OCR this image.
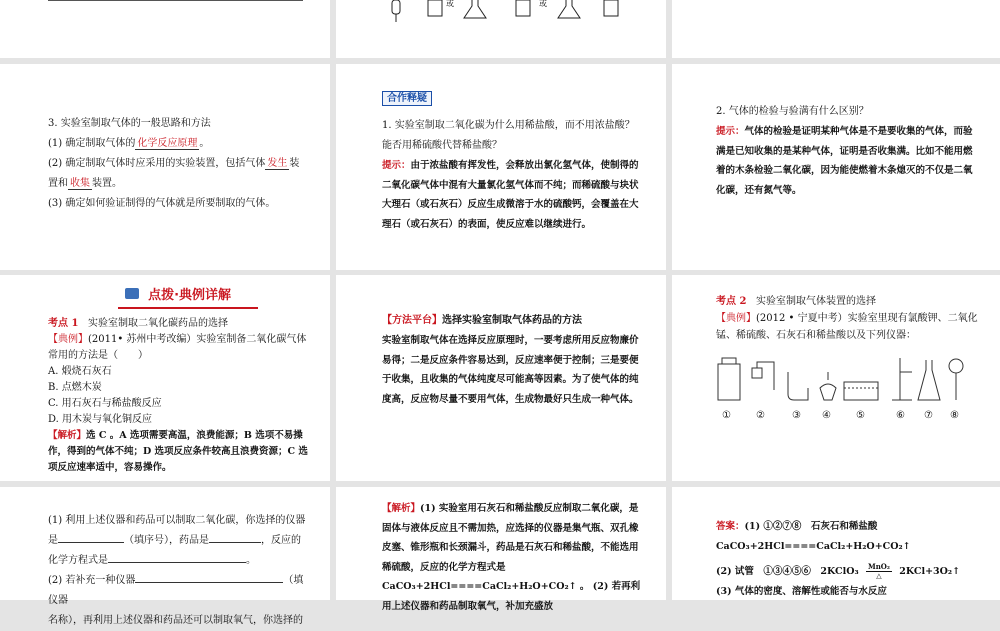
或	或

3. 实验室制取气体的一般思路和方法

(1) 确定制取气体的 化学反应原理 。

(2) 确定制取气体时应采用的实验装置，包括气体 发生 装

置和 收集 装置。

(3) 确定如何验证制得的气体就是所要制取的气体。

合作释疑

1. 实验室制取二氧化碳为什么用稀盐酸，而不用浓盐酸？能否用稀硫酸代替稀盐酸？

提示：由于浓盐酸有挥发性，会释放出氯化氢气体，使制得的二氧化碳气体中混有大量氯化氢气体而不纯；而稀硫酸与块状大理石（或石灰石）反应生成微溶于水的硫酸钙，会覆盖在大理石（或石灰石）的表面，使反应难以继续进行。

2. 气体的检验与验满有什么区别？

提示：气体的检验是证明某种气体是不是要收集的气体，而验满是已知收集的是某种气体，证明是否收集满。比如不能用燃着的木条检验二氧化碳，因为能使燃着木条熄灭的不仅是二氧化碳，还有氮气等。

点拨·典例详解

考点 1 实验室制取二氧化碳药品的选择

【典例】(2011• 苏州中考改编）实验室制备二氧化碳气体常用的方法是（　　）

A. 煅烧石灰石

B. 点燃木炭

C. 用石灰石与稀盐酸反应

D. 用木炭与氧化铜反应

【解析】选 C 。A 选项需要高温，浪费能源；B 选项不易操作，得到的气体不纯；D 选项反应条件较高且浪费资源；C 选项反应速率适中，容易操作。

【方法平台】选择实验室制取气体药品的方法

实验室制取气体在选择反应原理时，一要考虑所用反应物廉价易得；二是反应条件容易达到，反应速率便于控制；三是要便于收集，且收集的气体纯度尽可能高等因素。为了使气体的纯度高，反应物尽量不要用气体，生成物最好只生成一种气体。

考点 2 实验室制取气体装置的选择

【典例】(2012 • 宁夏中考）实验室里现有氯酸钾、二氧化锰、稀硫酸、石灰石和稀盐酸以及下列仪器：

①	②	③ ④	⑤	⑥ ⑦ ⑧

(1) 利用上述仪器和药品可以制取二氧化碳，你选择的仪器

是	（填序号），药品是	，反应的

化学方程式是	。

(2) 若补充一种仪器	（填仪器

名称），再利用上述仪器和药品还可以制取氧气，你选择的

【解析】(1) 实验室用石灰石和稀盐酸反应制取二氧化碳，是固体与液体反应且不需加热，应选择的仪器是集气瓶、双孔橡皮塞、锥形瓶和长颈漏斗，药品是石灰石和稀盐酸，不能选用稀硫酸，反应的化学方程式是 CaCO₃+2HCl====CaCl₂+H₂O+CO₂↑ 。 (2) 若再利用上述仪器和药品制取氧气，补加充盛放

答案：(1) ①②⑦⑧　石灰石和稀盐酸　CaCO₃+2HCl====CaCl₂+H₂O+CO₂↑

(2) 试管　①③④⑤⑥　2KClO₃ MnO₂
△	2KCl+3O₂↑

(3) 气体的密度、溶解性或能否与水反应
